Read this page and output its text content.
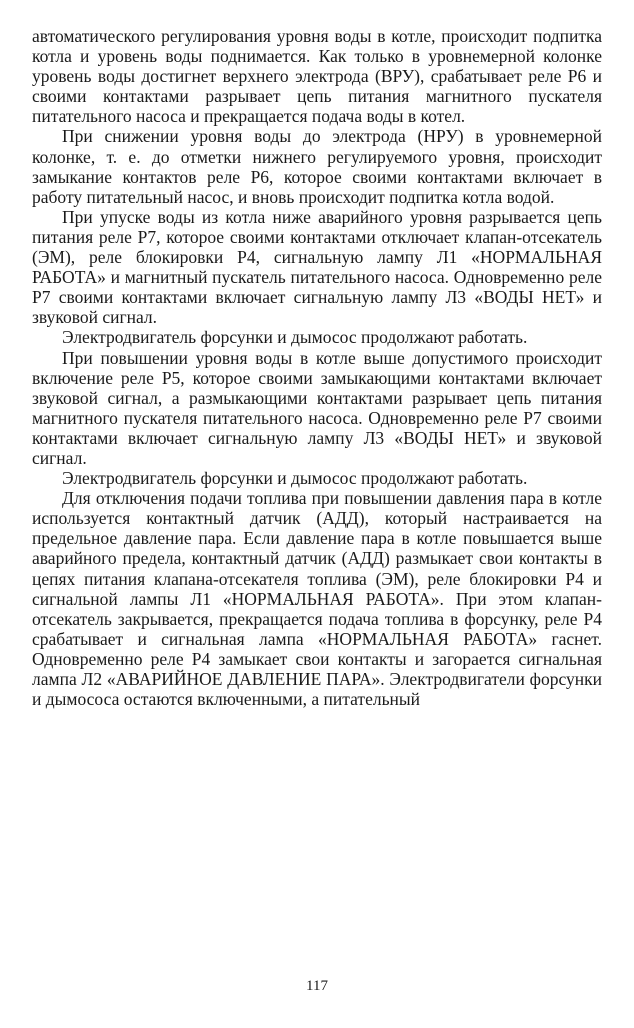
автоматического регулирования уровня воды в котле, происходит подпитка котла и уровень воды поднимается. Как только в уровнемерной колонке уровень воды достигнет верхнего электрода (ВРУ), срабатывает реле Р6 и своими контактами разрывает цепь питания магнитного пускателя питательного насоса и прекращается подача воды в котел.

При снижении уровня воды до электрода (НРУ) в уровнемерной колонке, т. е. до отметки нижнего регулируемого уровня, происходит замыкание контактов реле Р6, которое своими контактами включает в работу питательный насос, и вновь происходит подпитка котла водой.

При упуске воды из котла ниже аварийного уровня разрывается цепь питания реле Р7, которое своими контактами отключает клапан-отсекатель (ЭМ), реле блокировки Р4, сигнальную лампу Л1 «НОРМАЛЬНАЯ РАБОТА» и магнитный пускатель питательного насоса. Одновременно реле Р7 своими контактами включает сигнальную лампу Л3 «ВОДЫ НЕТ» и звуковой сигнал.

Электродвигатель форсунки и дымосос продолжают работать.

При повышении уровня воды в котле выше допустимого происходит включение реле Р5, которое своими замыкающими контактами включает звуковой сигнал, а размыкающими контактами разрывает цепь питания магнитного пускателя питательного насоса. Одновременно реле Р7 своими контактами включает сигнальную лампу Л3 «ВОДЫ НЕТ» и звуковой сигнал.

Электродвигатель форсунки и дымосос продолжают работать.

Для отключения подачи топлива при повышении давления пара в котле используется контактный датчик (АДД), который настраивается на предельное давление пара. Если давление пара в котле повышается выше аварийного предела, контактный датчик (АДД) размыкает свои контакты в цепях питания клапана-отсекателя топлива (ЭМ), реле блокировки Р4 и сигнальной лампы Л1 «НОРМАЛЬНАЯ РАБОТА». При этом клапан-отсекатель закрывается, прекращается подача топлива в форсунку, реле Р4 срабатывает и сигнальная лампа «НОРМАЛЬНАЯ РАБОТА» гаснет. Одновременно реле Р4 замыкает свои контакты и загорается сигнальная лампа Л2 «АВАРИЙНОЕ ДАВЛЕНИЕ ПАРА». Электродвигатели форсунки и дымососа остаются включенными, а питательный

117
